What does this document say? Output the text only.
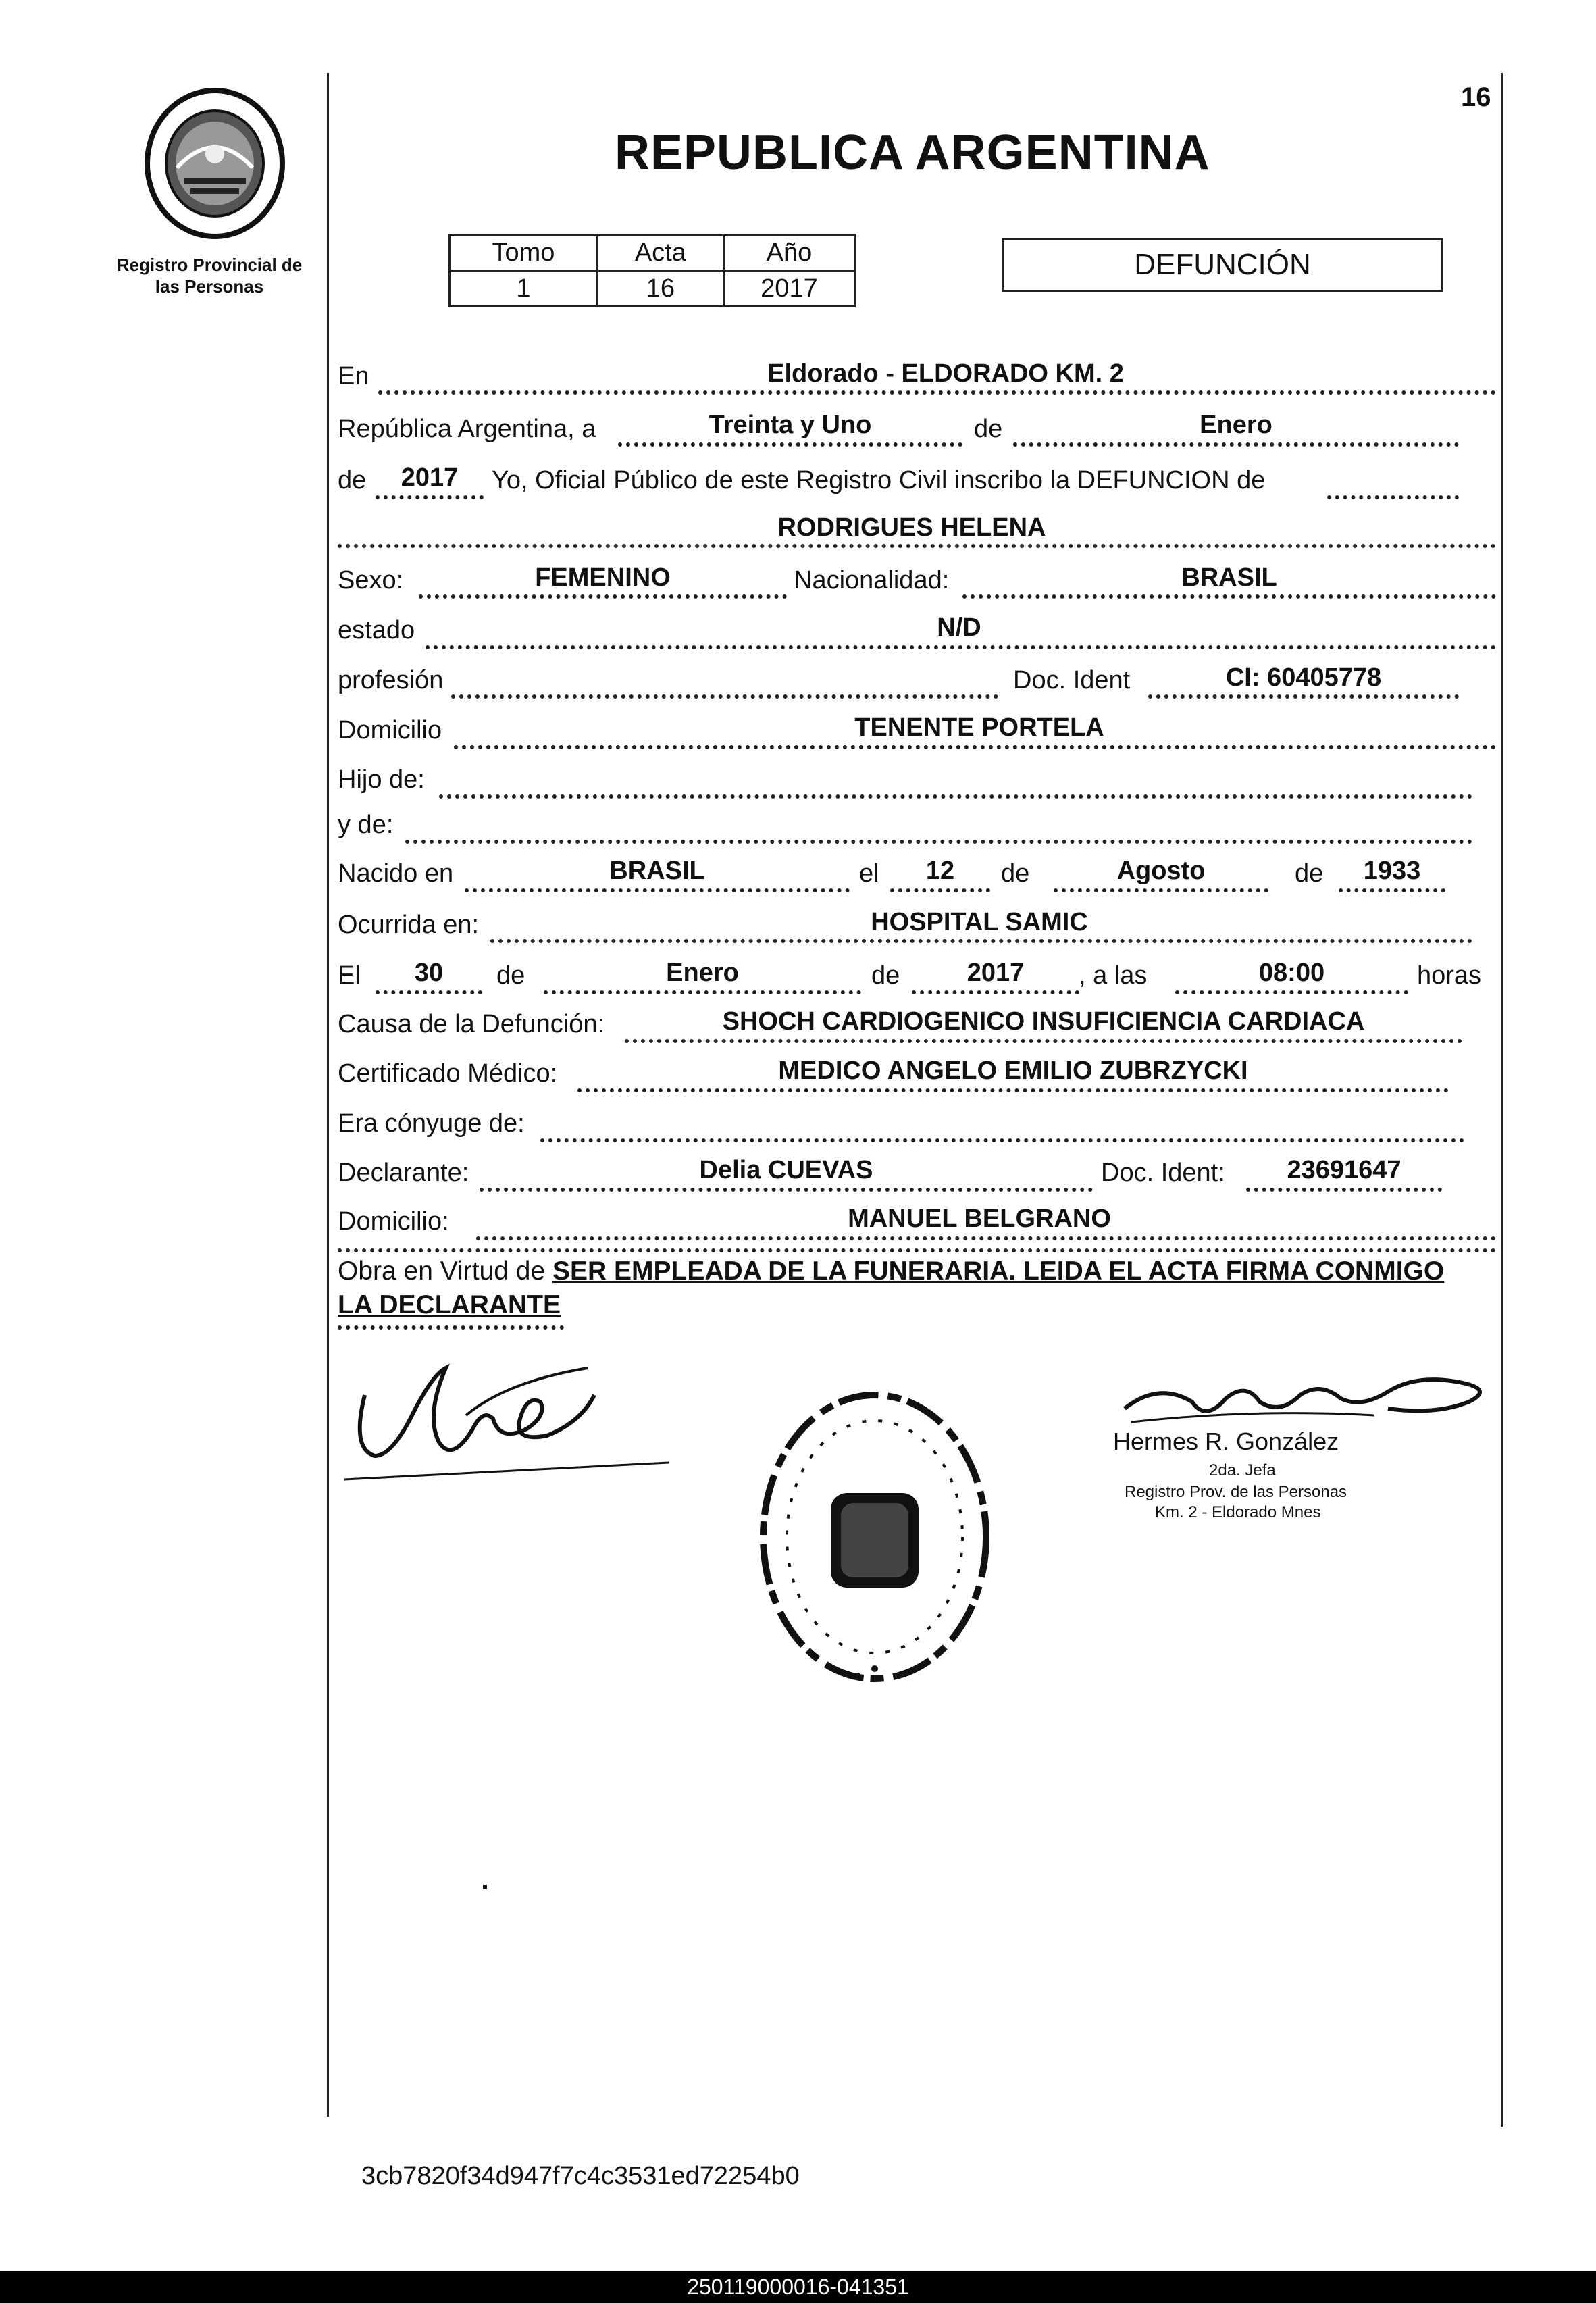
16
Registro Provincial de
las Personas
REPUBLICA ARGENTINA
Tomo	Acta	Año
1	16	2017
DEFUNCIÓN
En	Eldorado - ELDORADO KM. 2
República Argentina, a	Treinta y Uno	de	Enero
de	2017	Yo, Oficial Público de este Registro Civil inscribo la DEFUNCION de
RODRIGUES HELENA
Sexo:	FEMENINO	Nacionalidad:	BRASIL
estado	N/D
profesión	Doc. Ident	CI: 60405778
Domicilio	TENENTE PORTELA
Hijo de:
y de:
Nacido en	BRASIL	el	12	de	Agosto	de	1933
Ocurrida en:	HOSPITAL SAMIC
El	30	de	Enero	de	2017	, a las	08:00	horas
Causa de la Defunción:	SHOCH CARDIOGENICO INSUFICIENCIA CARDIACA
Certificado Médico:	MEDICO ANGELO EMILIO ZUBRZYCKI
Era cónyuge de:
Declarante:	Delia CUEVAS	Doc. Ident:	23691647
Domicilio:	MANUEL BELGRANO
Obra en Virtud de SER EMPLEADA DE LA FUNERARIA. LEIDA EL ACTA FIRMA CONMIGO
LA DECLARANTE
Hermes R. González
2da. Jefa
Registro Prov. de las Personas
Km. 2 - Eldorado Mnes
3cb7820f34d947f7c4c3531ed72254b0
250119000016-041351
